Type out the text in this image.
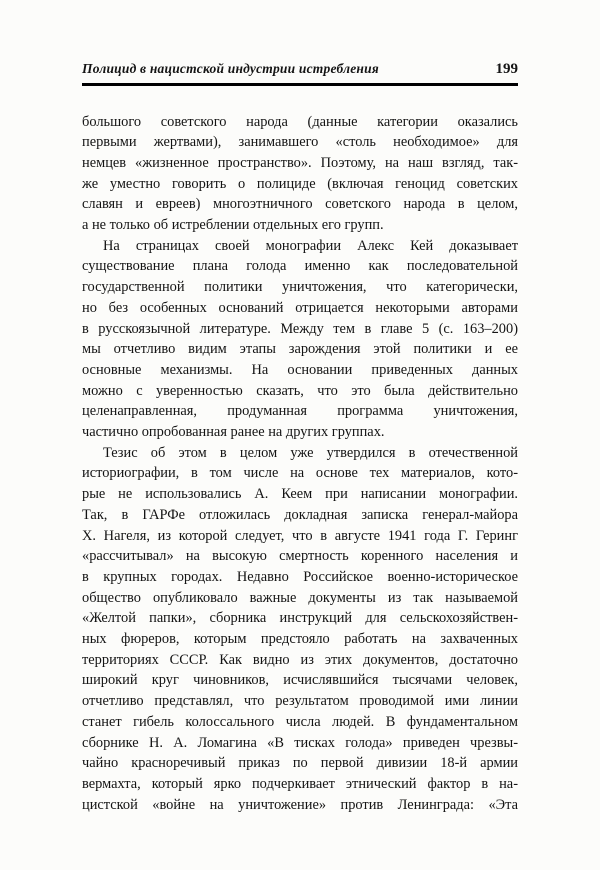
Полицид в нацистской индустрии истребления	199
большого советского народа (данные категории оказались
первыми жертвами), занимавшего «столь необходимое» для
немцев «жизненное пространство». Поэтому, на наш взгляд, так-
же уместно говорить о полициде (включая геноцид советских
славян и евреев) многоэтничного советского народа в целом,
а не только об истреблении отдельных его групп.
На страницах своей монографии Алекс Кей доказывает
существование плана голода именно как последовательной
государственной политики уничтожения, что категорически,
но без особенных оснований отрицается некоторыми авторами
в русскоязычной литературе. Между тем в главе 5 (с. 163–200)
мы отчетливо видим этапы зарождения этой политики и ее
основные механизмы. На основании приведенных данных
можно с уверенностью сказать, что это была действительно
целенаправленная, продуманная программа уничтожения,
частично опробованная ранее на других группах.
Тезис об этом в целом уже утвердился в отечественной
историографии, в том числе на основе тех материалов, кото-
рые не использовались А. Кеем при написании монографии.
Так, в ГАРФе отложилась докладная записка генерал-майора
Х. Нагеля, из которой следует, что в августе 1941 года Г. Геринг
«рассчитывал» на высокую смертность коренного населения и
в крупных городах. Недавно Российское военно-историческое
общество опубликовало важные документы из так называемой
«Желтой папки», сборника инструкций для сельскохозяйствен-
ных фюреров, которым предстояло работать на захваченных
территориях СССР. Как видно из этих документов, достаточно
широкий круг чиновников, исчислявшийся тысячами человек,
отчетливо представлял, что результатом проводимой ими линии
станет гибель колоссального числа людей. В фундаментальном
сборнике Н. А. Ломагина «В тисках голода» приведен чрезвы-
чайно красноречивый приказ по первой дивизии 18-й армии
вермахта, который ярко подчеркивает этнический фактор в на-
цистской «войне на уничтожение» против Ленинграда: «Эта
